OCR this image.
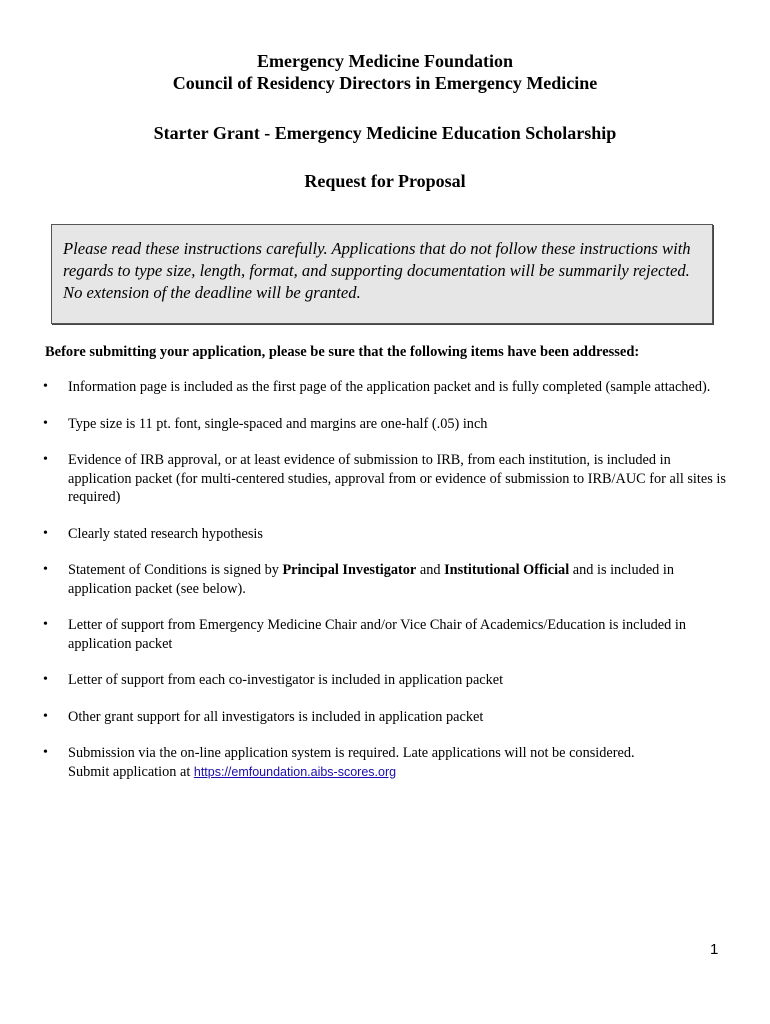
Emergency Medicine Foundation
Council of Residency Directors in Emergency Medicine
Starter Grant - Emergency Medicine Education Scholarship
Request for Proposal
Please read these instructions carefully. Applications that do not follow these instructions with regards to type size, length, format, and supporting documentation will be summarily rejected. No extension of the deadline will be granted.
Before submitting your application, please be sure that the following items have been addressed:
• Information page is included as the first page of the application packet and is fully completed (sample attached).
• Type size is 11 pt. font, single-spaced and margins are one-half (.05) inch
• Evidence of IRB approval, or at least evidence of submission to IRB, from each institution, is included in application packet (for multi-centered studies, approval from or evidence of submission to IRB/AUC for all sites is required)
• Clearly stated research hypothesis
• Statement of Conditions is signed by Principal Investigator and Institutional Official and is included in application packet (see below).
• Letter of support from Emergency Medicine Chair and/or Vice Chair of Academics/Education is included in application packet
• Letter of support from each co-investigator is included in application packet
• Other grant support for all investigators is included in application packet
• Submission via the on-line application system is required. Late applications will not be considered.
Submit application at https://emfoundation.aibs-scores.org
1
